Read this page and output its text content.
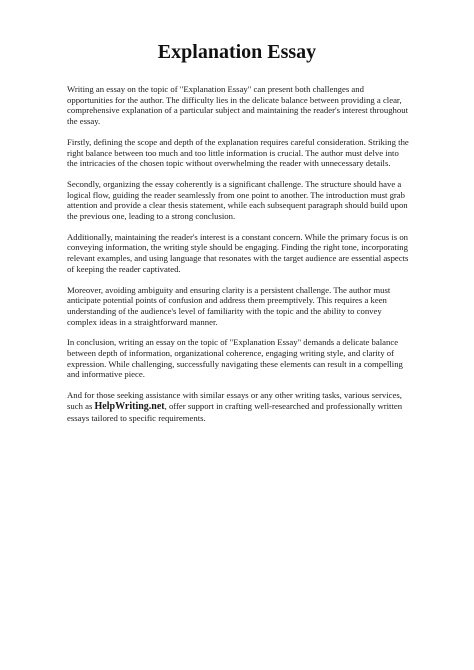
Explanation Essay

Writing an essay on the topic of "Explanation Essay" can present both challenges and opportunities for the author. The difficulty lies in the delicate balance between providing a clear, comprehensive explanation of a particular subject and maintaining the reader's interest throughout the essay.

Firstly, defining the scope and depth of the explanation requires careful consideration. Striking the right balance between too much and too little information is crucial. The author must delve into the intricacies of the chosen topic without overwhelming the reader with unnecessary details.

Secondly, organizing the essay coherently is a significant challenge. The structure should have a logical flow, guiding the reader seamlessly from one point to another. The introduction must grab attention and provide a clear thesis statement, while each subsequent paragraph should build upon the previous one, leading to a strong conclusion.

Additionally, maintaining the reader's interest is a constant concern. While the primary focus is on conveying information, the writing style should be engaging. Finding the right tone, incorporating relevant examples, and using language that resonates with the target audience are essential aspects of keeping the reader captivated.

Moreover, avoiding ambiguity and ensuring clarity is a persistent challenge. The author must anticipate potential points of confusion and address them preemptively. This requires a keen understanding of the audience's level of familiarity with the topic and the ability to convey complex ideas in a straightforward manner.

In conclusion, writing an essay on the topic of "Explanation Essay" demands a delicate balance between depth of information, organizational coherence, engaging writing style, and clarity of expression. While challenging, successfully navigating these elements can result in a compelling and informative piece.

And for those seeking assistance with similar essays or any other writing tasks, various services, such as HelpWriting.net, offer support in crafting well-researched and professionally written essays tailored to specific requirements.
